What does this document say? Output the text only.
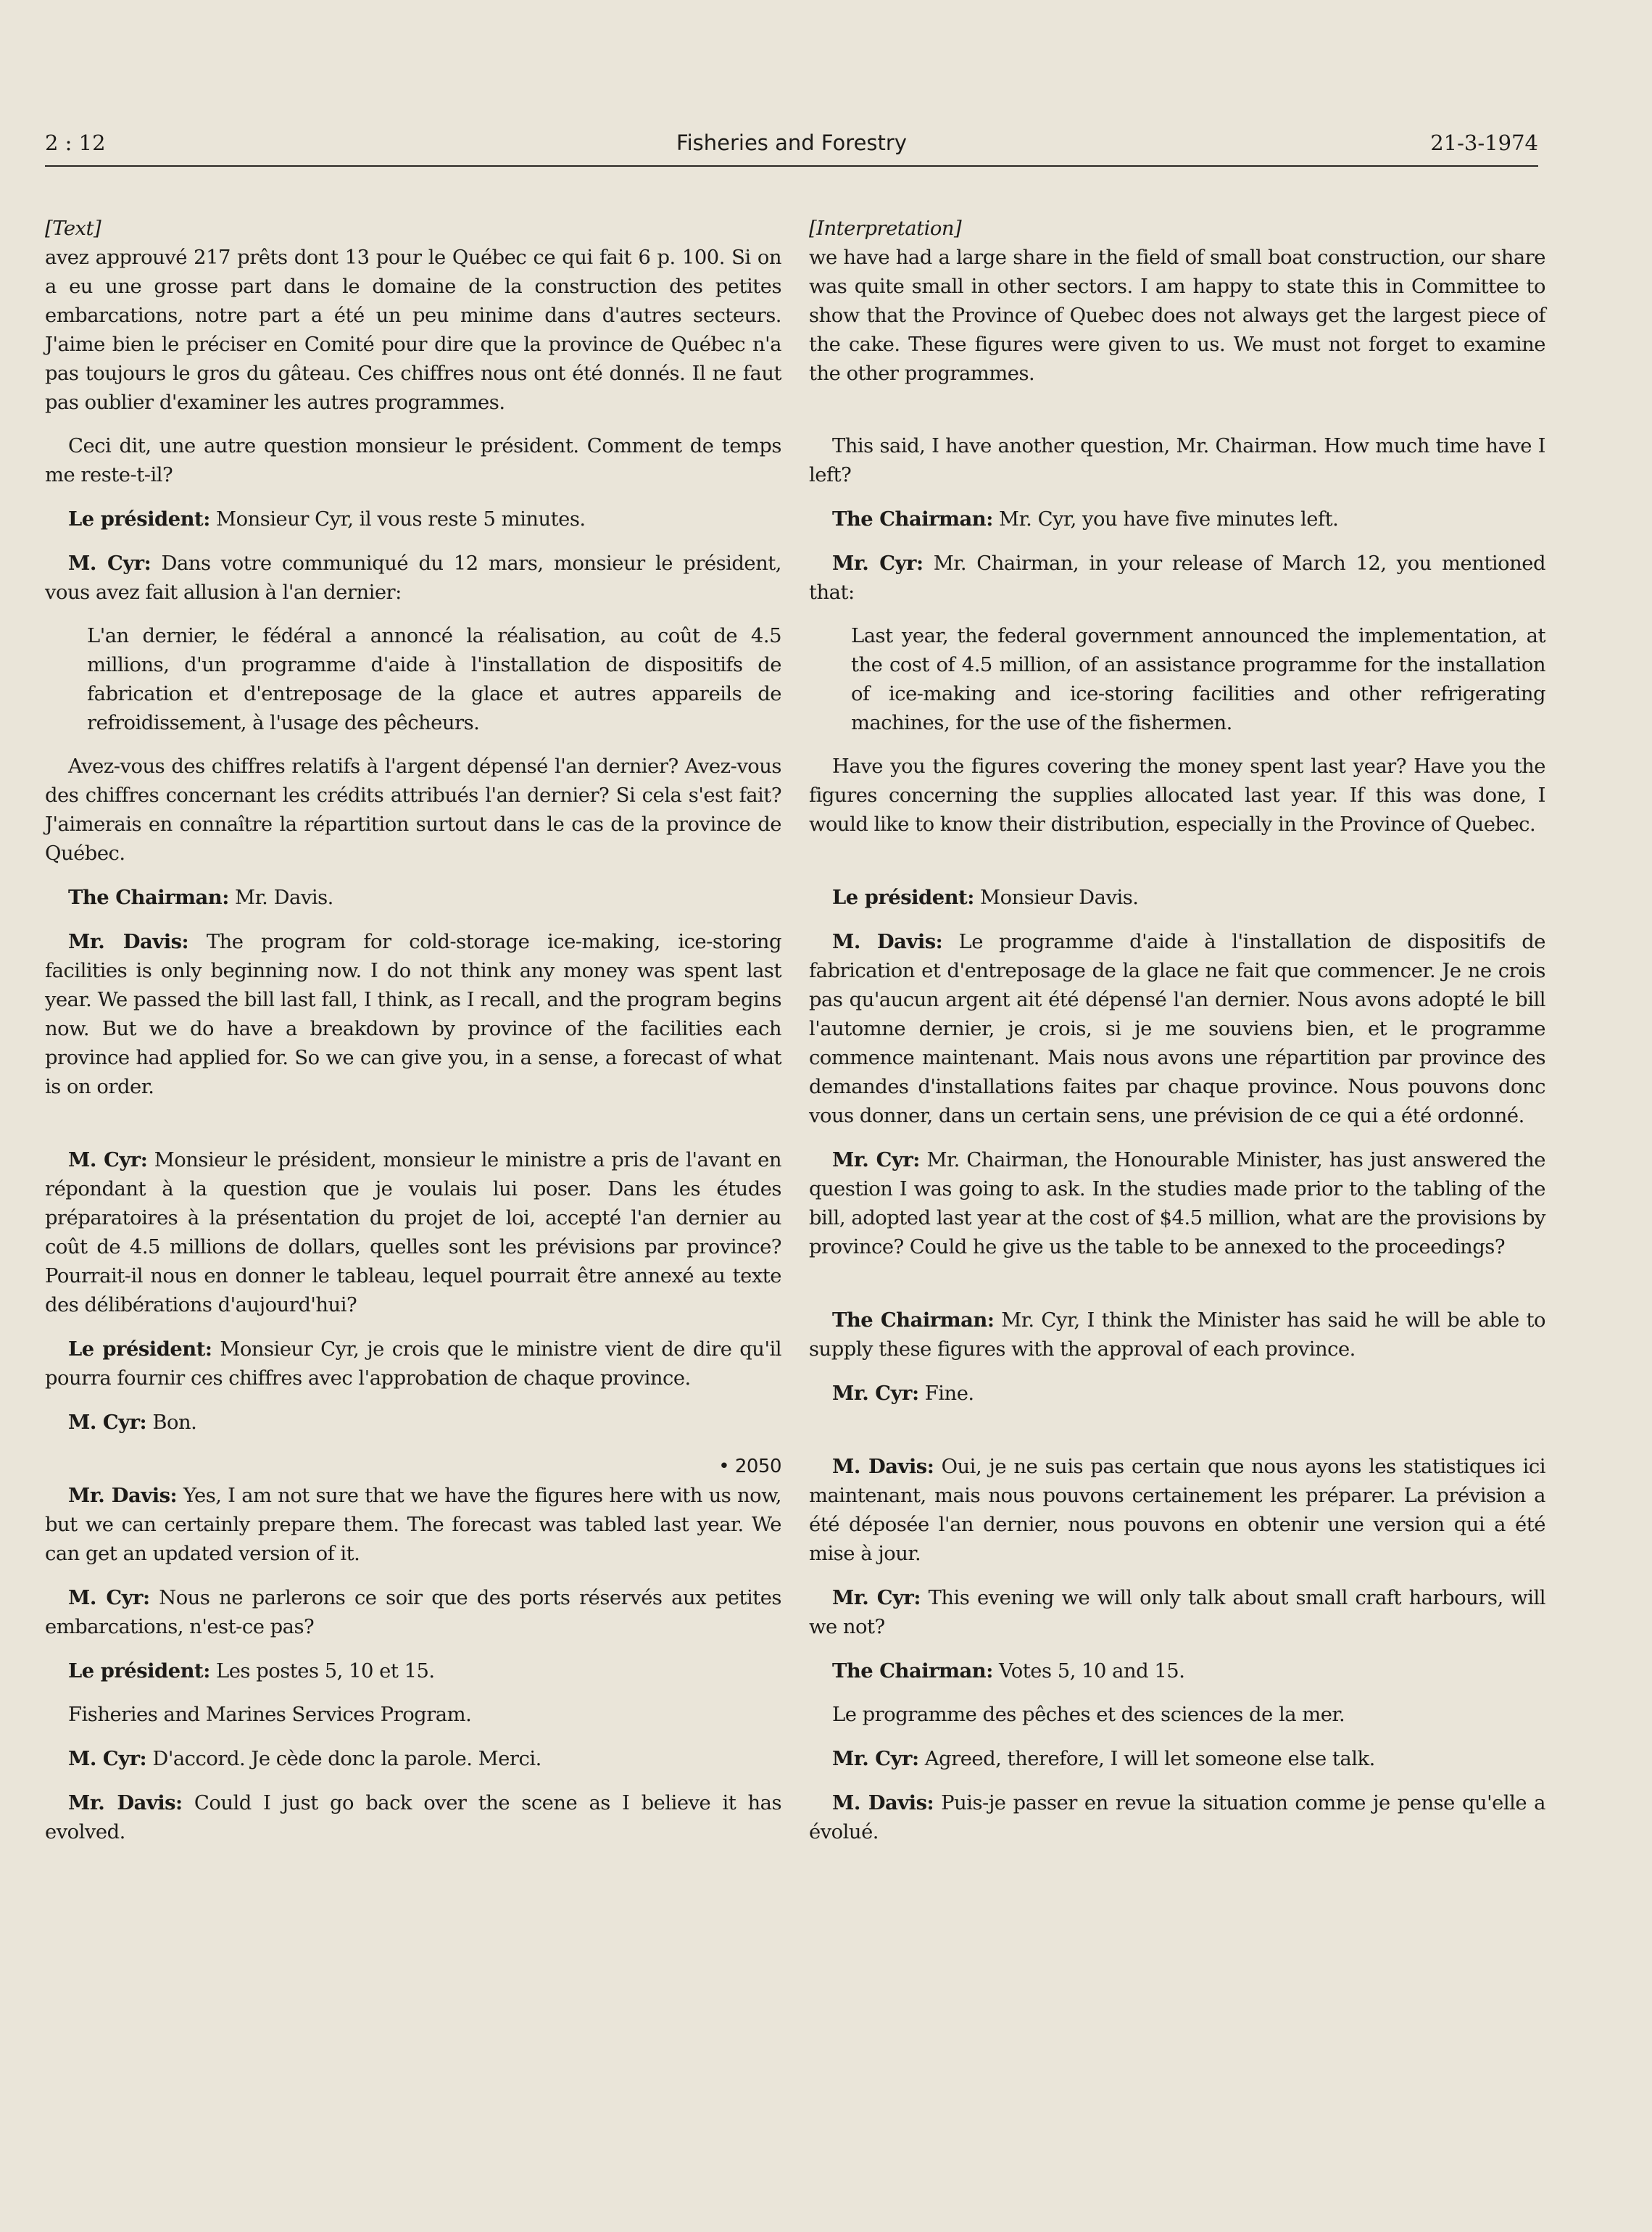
2 : 12	Fisheries and Forestry	21-3-1974

[Text]

avez approuvé 217 prêts dont 13 pour le Québec ce qui fait 6 p. 100. Si on a eu une grosse part dans le domaine de la construction des petites embarcations, notre part a été un peu minime dans d'autres secteurs. J'aime bien le préciser en Comité pour dire que la province de Québec n'a pas toujours le gros du gâteau. Ces chiffres nous ont été donnés. Il ne faut pas oublier d'examiner les autres programmes.

Ceci dit, une autre question monsieur le président. Comment de temps me reste-t-il?

Le président: Monsieur Cyr, il vous reste 5 minutes.

M. Cyr: Dans votre communiqué du 12 mars, monsieur le président, vous avez fait allusion à l'an dernier:

L'an dernier, le fédéral a annoncé la réalisation, au coût de 4.5 millions, d'un programme d'aide à l'installation de dispositifs de fabrication et d'entreposage de la glace et autres appareils de refroidissement, à l'usage des pêcheurs.

Avez-vous des chiffres relatifs à l'argent dépensé l'an dernier? Avez-vous des chiffres concernant les crédits attribués l'an dernier? Si cela s'est fait? J'aimerais en connaître la répartition surtout dans le cas de la province de Québec.

The Chairman: Mr. Davis.

Mr. Davis: The program for cold-storage ice-making, ice-storing facilities is only beginning now. I do not think any money was spent last year. We passed the bill last fall, I think, as I recall, and the program begins now. But we do have a breakdown by province of the facilities each province had applied for. So we can give you, in a sense, a forecast of what is on order.

M. Cyr: Monsieur le président, monsieur le ministre a pris de l'avant en répondant à la question que je voulais lui poser. Dans les études préparatoires à la présentation du projet de loi, accepté l'an dernier au coût de 4.5 millions de dollars, quelles sont les prévisions par province? Pourrait-il nous en donner le tableau, lequel pourrait être annexé au texte des délibérations d'aujourd'hui?

Le président: Monsieur Cyr, je crois que le ministre vient de dire qu'il pourra fournir ces chiffres avec l'approbation de chaque province.

M. Cyr: Bon.

• 2050

Mr. Davis: Yes, I am not sure that we have the figures here with us now, but we can certainly prepare them. The forecast was tabled last year. We can get an updated version of it.

M. Cyr: Nous ne parlerons ce soir que des ports réservés aux petites embarcations, n'est-ce pas?

Le président: Les postes 5, 10 et 15.

Fisheries and Marines Services Program.

M. Cyr: D'accord. Je cède donc la parole. Merci.

Mr. Davis: Could I just go back over the scene as I believe it has evolved.

[Interpretation]

we have had a large share in the field of small boat construction, our share was quite small in other sectors. I am happy to state this in Committee to show that the Province of Quebec does not always get the largest piece of the cake. These figures were given to us. We must not forget to examine the other programmes.

This said, I have another question, Mr. Chairman. How much time have I left?

The Chairman: Mr. Cyr, you have five minutes left.

Mr. Cyr: Mr. Chairman, in your release of March 12, you mentioned that:

Last year, the federal government announced the implementation, at the cost of 4.5 million, of an assistance programme for the installation of ice-making and ice-storing facilities and other refrigerating machines, for the use of the fishermen.

Have you the figures covering the money spent last year? Have you the figures concerning the supplies allocated last year. If this was done, I would like to know their distribution, especially in the Province of Quebec.

Le président: Monsieur Davis.

M. Davis: Le programme d'aide à l'installation de dispositifs de fabrication et d'entreposage de la glace ne fait que commencer. Je ne crois pas qu'aucun argent ait été dépensé l'an dernier. Nous avons adopté le bill l'automne dernier, je crois, si je me souviens bien, et le programme commence maintenant. Mais nous avons une répartition par province des demandes d'installations faites par chaque province. Nous pouvons donc vous donner, dans un certain sens, une prévision de ce qui a été ordonné.

Mr. Cyr: Mr. Chairman, the Honourable Minister, has just answered the question I was going to ask. In the studies made prior to the tabling of the bill, adopted last year at the cost of $4.5 million, what are the provisions by province? Could he give us the table to be annexed to the proceedings?

The Chairman: Mr. Cyr, I think the Minister has said he will be able to supply these figures with the approval of each province.

Mr. Cyr: Fine.

M. Davis: Oui, je ne suis pas certain que nous ayons les statistiques ici maintenant, mais nous pouvons certainement les préparer. La prévision a été déposée l'an dernier, nous pouvons en obtenir une version qui a été mise à jour.

Mr. Cyr: This evening we will only talk about small craft harbours, will we not?

The Chairman: Votes 5, 10 and 15.

Le programme des pêches et des sciences de la mer.

Mr. Cyr: Agreed, therefore, I will let someone else talk.

M. Davis: Puis-je passer en revue la situation comme je pense qu'elle a évolué.
